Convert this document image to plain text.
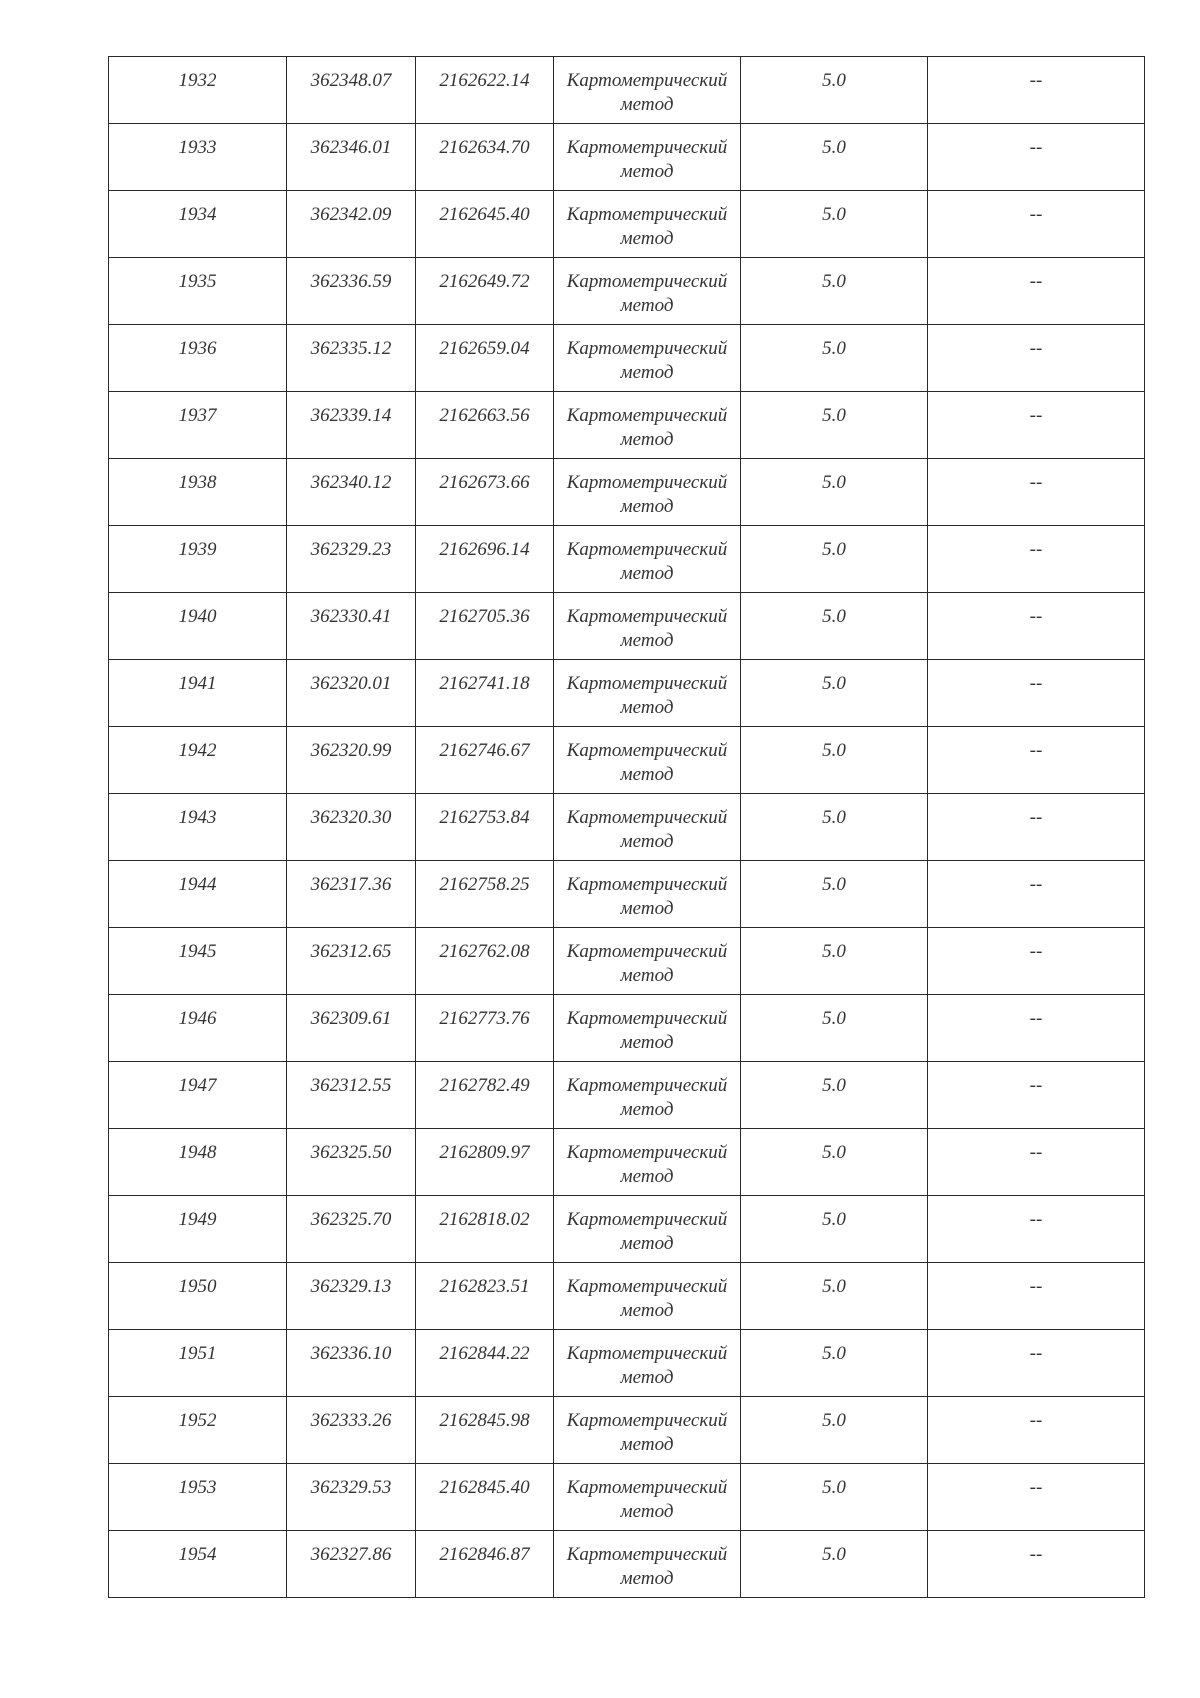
1932	362348.07	2162622.14	Картометрический
метод	5.0	--

1933	362346.01	2162634.70	Картометрический
метод	5.0	--

1934	362342.09	2162645.40	Картометрический
метод	5.0	--

1935	362336.59	2162649.72	Картометрический
метод	5.0	--

1936	362335.12	2162659.04	Картометрический
метод	5.0	--

1937	362339.14	2162663.56	Картометрический
метод	5.0	--

1938	362340.12	2162673.66	Картометрический
метод	5.0	--

1939	362329.23	2162696.14	Картометрический
метод	5.0	--

1940	362330.41	2162705.36	Картометрический
метод	5.0	--

1941	362320.01	2162741.18	Картометрический
метод	5.0	--

1942	362320.99	2162746.67	Картометрический
метод	5.0	--

1943	362320.30	2162753.84	Картометрический
метод	5.0	--

1944	362317.36	2162758.25	Картометрический
метод	5.0	--

1945	362312.65	2162762.08	Картометрический
метод	5.0	--

1946	362309.61	2162773.76	Картометрический
метод	5.0	--

1947	362312.55	2162782.49	Картометрический
метод	5.0	--

1948	362325.50	2162809.97	Картометрический
метод	5.0	--

1949	362325.70	2162818.02	Картометрический
метод	5.0	--

1950	362329.13	2162823.51	Картометрический
метод	5.0	--

1951	362336.10	2162844.22	Картометрический
метод	5.0	--

1952	362333.26	2162845.98	Картометрический
метод	5.0	--

1953	362329.53	2162845.40	Картометрический
метод	5.0	--

1954	362327.86	2162846.87	Картометрический
метод	5.0	--
